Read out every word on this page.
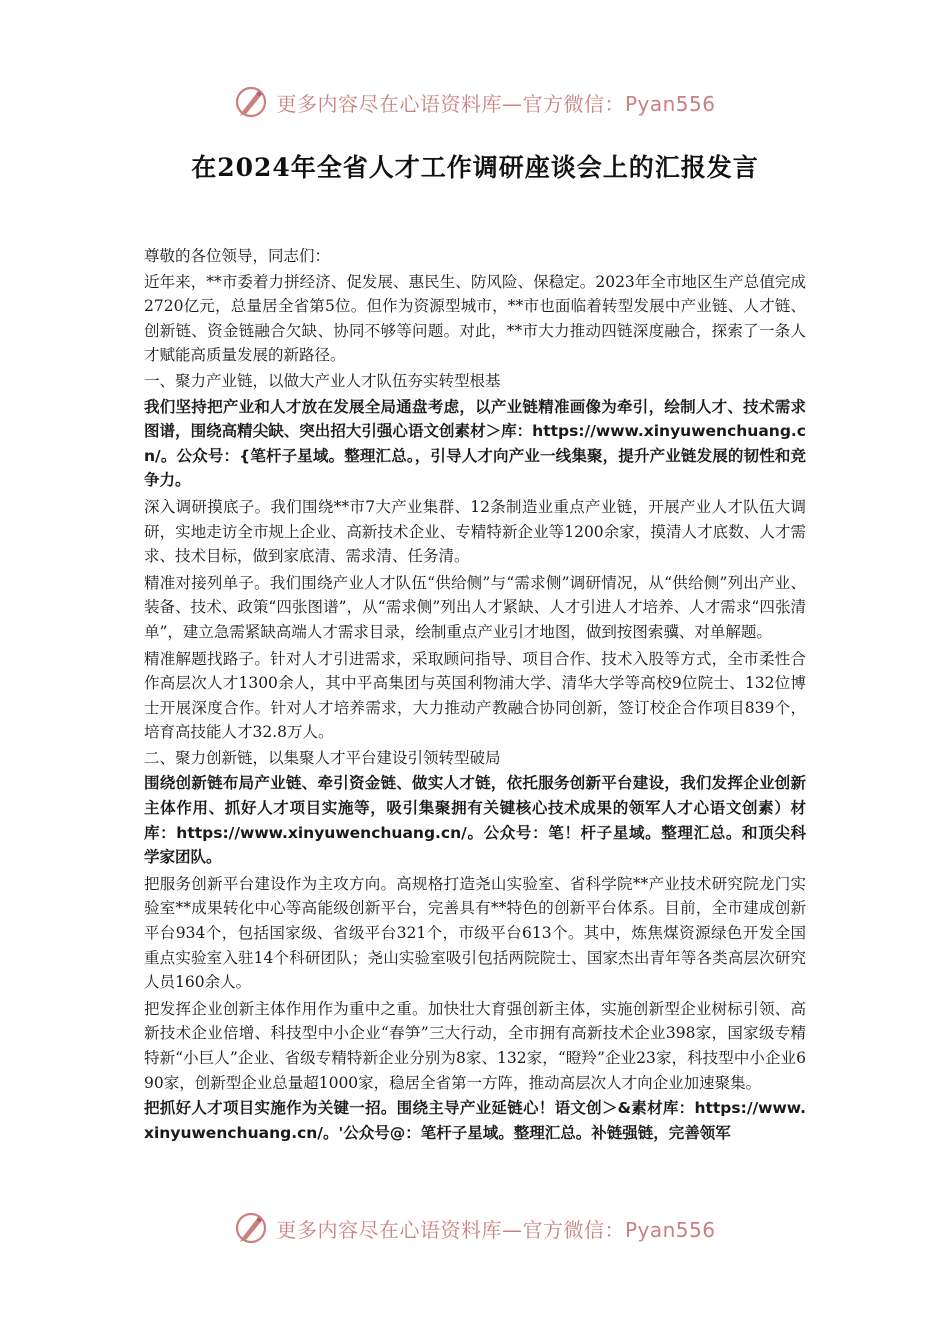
更多内容尽在心语资料库—官方微信：Pyan556
在2024年全省人才工作调研座谈会上的汇报发言

尊敬的各位领导，同志们：

近年来，**市委着力拼经济、促发展、惠民生、防风险、保稳定。2023年全市地区生产总值完成2720亿元，总量居全省第5位。但作为资源型城市，**市也面临着转型发展中产业链、人才链、创新链、资金链融合欠缺、协同不够等问题。对此，**市大力推动四链深度融合，探索了一条人才赋能高质量发展的新路径。

一、聚力产业链，以做大产业人才队伍夯实转型根基

我们坚持把产业和人才放在发展全局通盘考虑，以产业链精准画像为牵引，绘制人才、技术需求图谱，围绕高精尖缺、突出招大引强心语文创素材＞库：https://www.xinyuwenchuang.cn/。公众号：{笔杆子星域。整理汇总。，引导人才向产业一线集聚，提升产业链发展的韧性和竞争力。

深入调研摸底子。我们围绕**市7大产业集群、12条制造业重点产业链，开展产业人才队伍大调研，实地走访全市规上企业、高新技术企业、专精特新企业等1200余家，摸清人才底数、人才需求、技术目标，做到家底清、需求清、任务清。

精准对接列单子。我们围绕产业人才队伍“供给侧”与“需求侧”调研情况，从“供给侧”列出产业、装备、技术、政策“四张图谱”，从“需求侧”列出人才紧缺、人才引进人才培养、人才需求“四张清单”，建立急需紧缺高端人才需求目录，绘制重点产业引才地图，做到按图索骥、对单解题。

精准解题找路子。针对人才引进需求，采取顾问指导、项目合作、技术入股等方式，全市柔性合作高层次人才1300余人，其中平高集团与英国利物浦大学、清华大学等高校9位院士、132位博士开展深度合作。针对人才培养需求，大力推动产教融合协同创新，签订校企合作项目839个，培育高技能人才32.8万人。

二、聚力创新链，以集聚人才平台建设引领转型破局

围绕创新链布局产业链、牵引资金链、做实人才链，依托服务创新平台建设，我们发挥企业创新主体作用、抓好人才项目实施等，吸引集聚拥有关键核心技术成果的领军人才心语文创素）材库：https://www.xinyuwenchuang.cn/。公众号：笔！杆子星域。整理汇总。和顶尖科学家团队。

把服务创新平台建设作为主攻方向。高规格打造尧山实验室、省科学院**产业技术研究院龙门实验室**成果转化中心等高能级创新平台，完善具有**特色的创新平台体系。目前，全市建成创新平台934个，包括国家级、省级平台321个，市级平台613个。其中，炼焦煤资源绿色开发全国重点实验室入驻14个科研团队；尧山实验室吸引包括两院院士、国家杰出青年等各类高层次研究人员160余人。

把发挥企业创新主体作用作为重中之重。加快壮大育强创新主体，实施创新型企业树标引领、高新技术企业倍增、科技型中小企业“春笋”三大行动，全市拥有高新技术企业398家，国家级专精特新“小巨人”企业、省级专精特新企业分别为8家、132家，“瞪羚”企业23家，科技型中小企业690家，创新型企业总量超1000家，稳居全省第一方阵，推动高层次人才向企业加速聚集。

把抓好人才项目实施作为关键一招。围绕主导产业延链心！语文创＞&素材库：https://www.xinyuwenchuang.cn/。'公众号@：笔杆子星域。整理汇总。补链强链，完善领军

更多内容尽在心语资料库—官方微信：Pyan556
